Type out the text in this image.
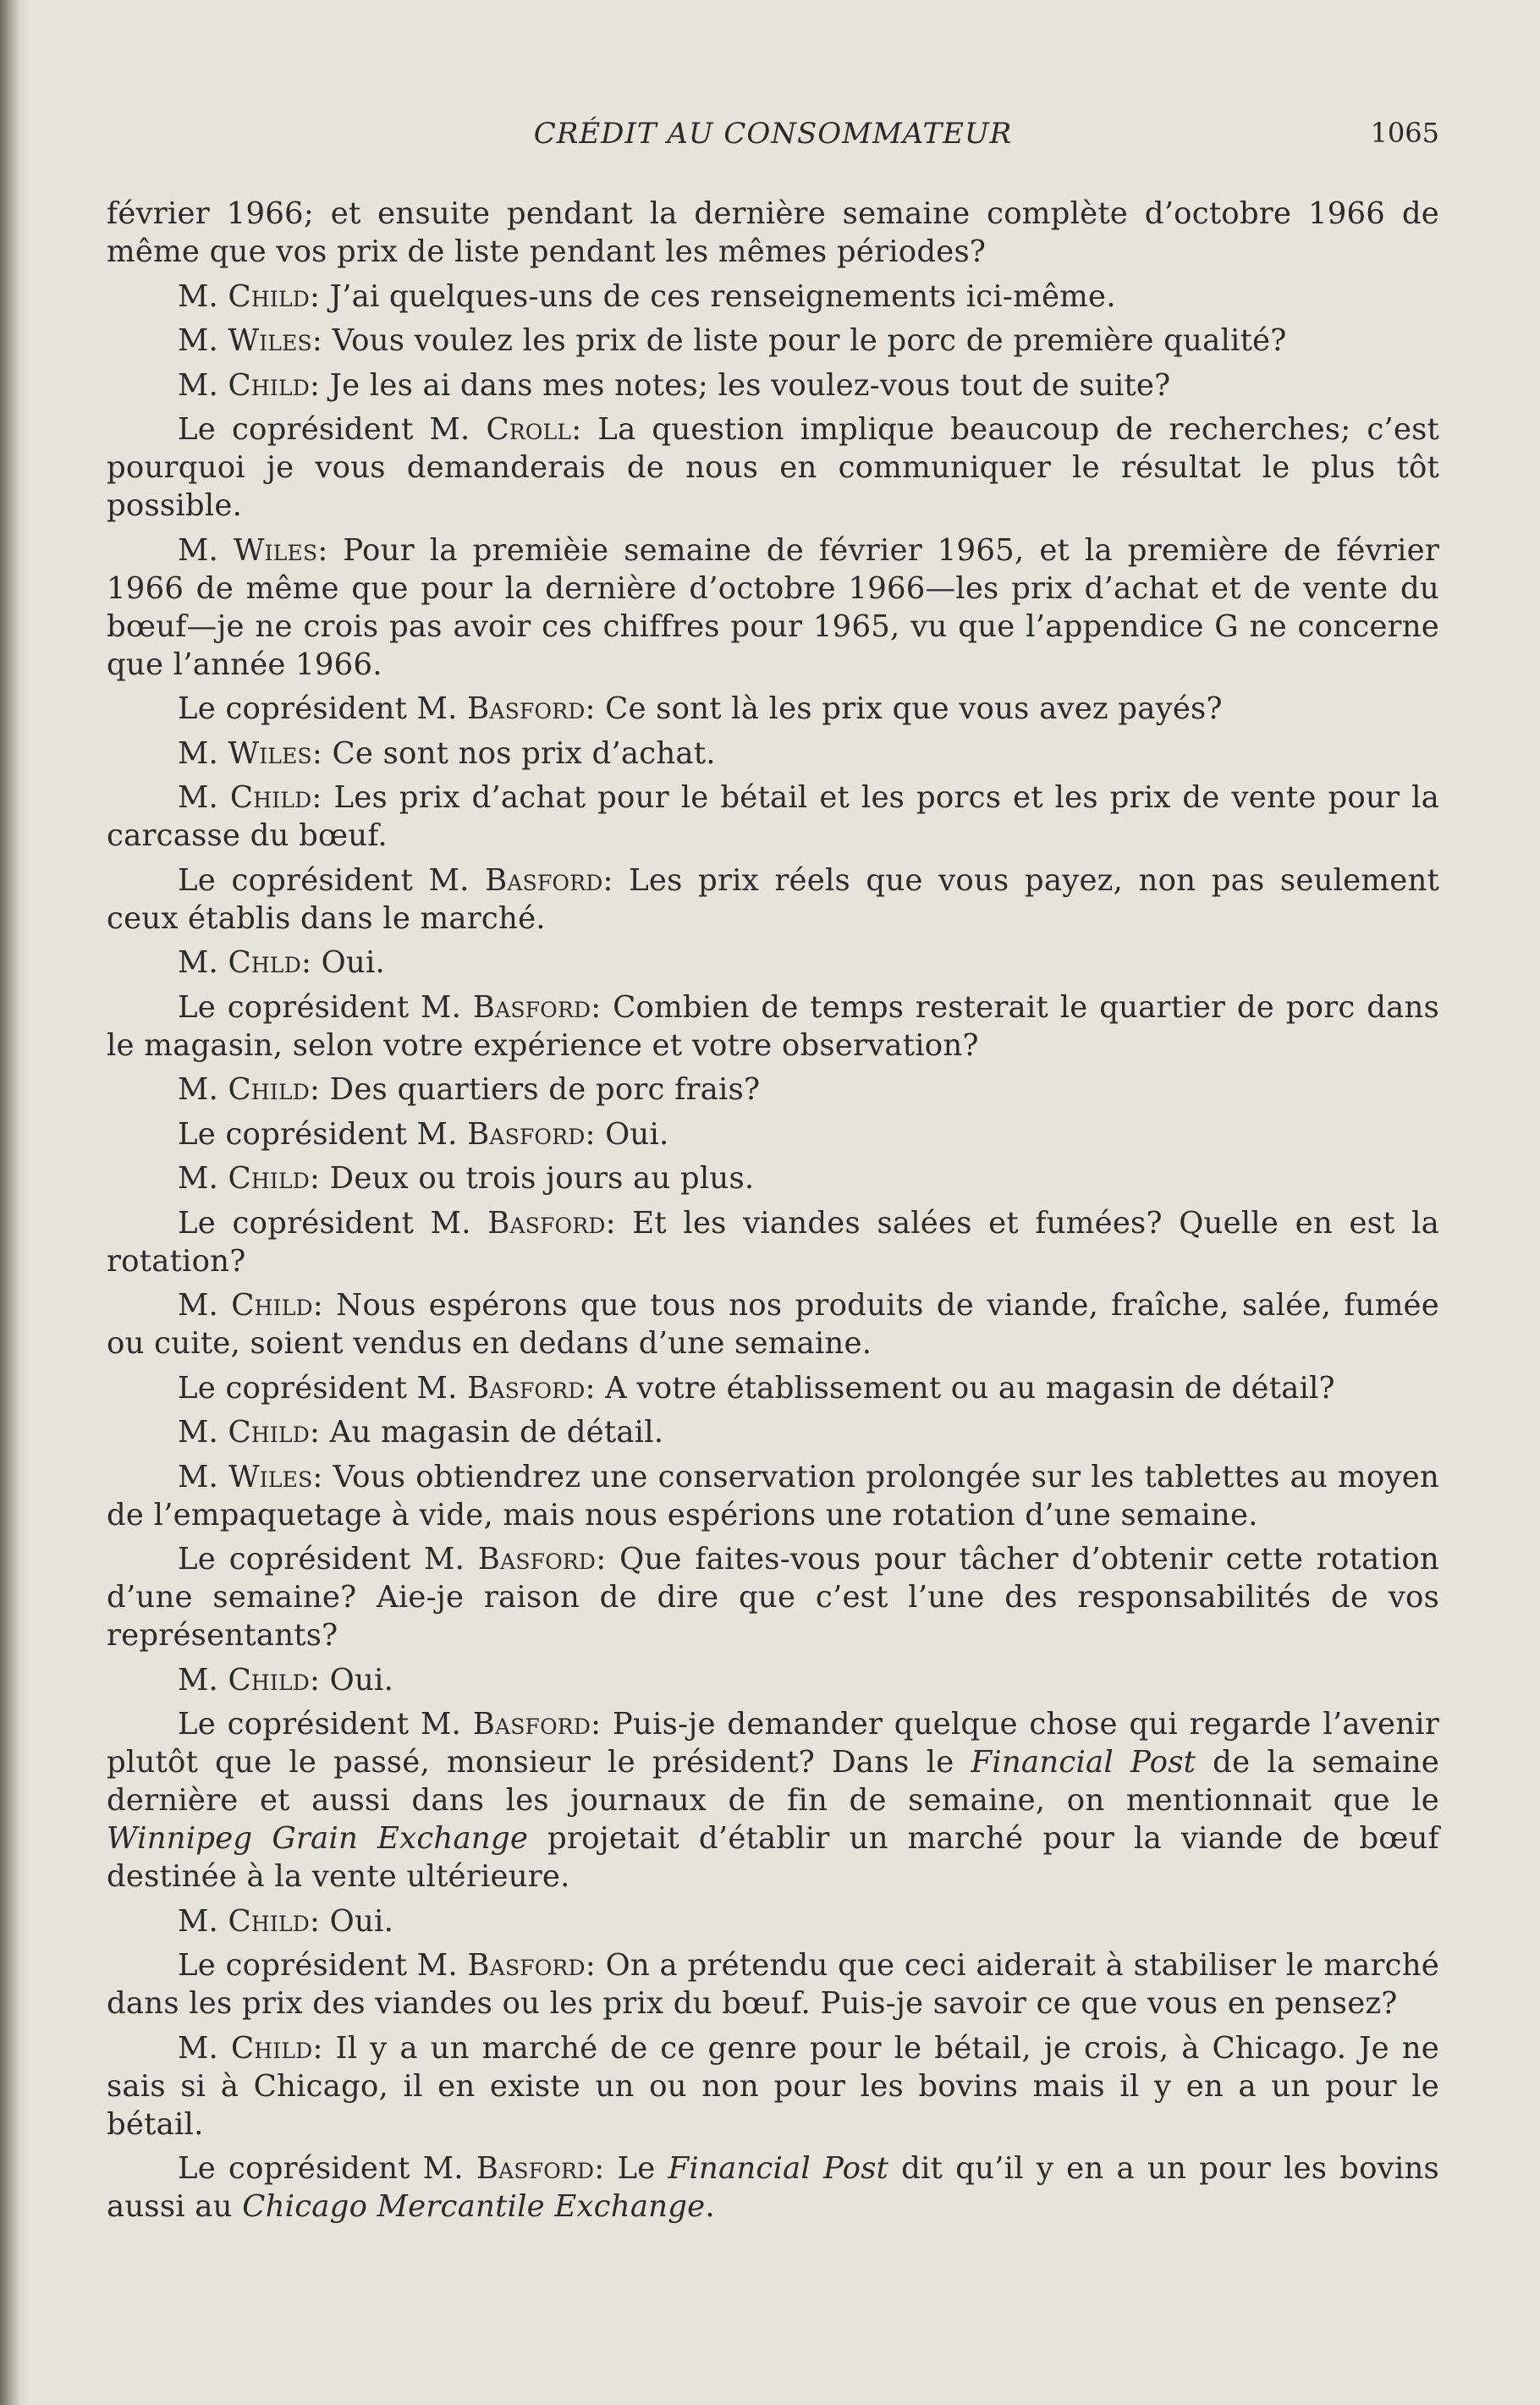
CRÉDIT AU CONSOMMATEUR	1065

février 1966; et ensuite pendant la dernière semaine complète d’octobre 1966 de même que vos prix de liste pendant les mêmes périodes?

M. Child: J’ai quelques-uns de ces renseignements ici-même.

M. Wiles: Vous voulez les prix de liste pour le porc de première qualité?

M. Child: Je les ai dans mes notes; les voulez-vous tout de suite?

Le coprésident M. Croll: La question implique beaucoup de recherches; c’est pourquoi je vous demanderais de nous en communiquer le résultat le plus tôt possible.

M. Wiles: Pour la premièie semaine de février 1965, et la première de février 1966 de même que pour la dernière d’octobre 1966—les prix d’achat et de vente du bœuf—je ne crois pas avoir ces chiffres pour 1965, vu que l’appendice G ne concerne que l’année 1966.

Le coprésident M. Basford: Ce sont là les prix que vous avez payés?

M. Wiles: Ce sont nos prix d’achat.

M. Child: Les prix d’achat pour le bétail et les porcs et les prix de vente pour la carcasse du bœuf.

Le coprésident M. Basford: Les prix réels que vous payez, non pas seulement ceux établis dans le marché.

M. Chld: Oui.

Le coprésident M. Basford: Combien de temps resterait le quartier de porc dans le magasin, selon votre expérience et votre observation?

M. Child: Des quartiers de porc frais?

Le coprésident M. Basford: Oui.

M. Child: Deux ou trois jours au plus.

Le coprésident M. Basford: Et les viandes salées et fumées? Quelle en est la rotation?

M. Child: Nous espérons que tous nos produits de viande, fraîche, salée, fumée ou cuite, soient vendus en dedans d’une semaine.

Le coprésident M. Basford: A votre établissement ou au magasin de détail?

M. Child: Au magasin de détail.

M. Wiles: Vous obtiendrez une conservation prolongée sur les tablettes au moyen de l’empaquetage à vide, mais nous espérions une rotation d’une semaine.

Le coprésident M. Basford: Que faites-vous pour tâcher d’obtenir cette rotation d’une semaine? Aie-je raison de dire que c’est l’une des responsabilités de vos représentants?

M. Child: Oui.

Le coprésident M. Basford: Puis-je demander quelque chose qui regarde l’avenir plutôt que le passé, monsieur le président? Dans le Financial Post de la semaine dernière et aussi dans les journaux de fin de semaine, on mentionnait que le Winnipeg Grain Exchange projetait d’établir un marché pour la viande de bœuf destinée à la vente ultérieure.

M. Child: Oui.

Le coprésident M. Basford: On a prétendu que ceci aiderait à stabiliser le marché dans les prix des viandes ou les prix du bœuf. Puis-je savoir ce que vous en pensez?

M. Child: Il y a un marché de ce genre pour le bétail, je crois, à Chicago. Je ne sais si à Chicago, il en existe un ou non pour les bovins mais il y en a un pour le bétail.

Le coprésident M. Basford: Le Financial Post dit qu’il y en a un pour les bovins aussi au Chicago Mercantile Exchange.
